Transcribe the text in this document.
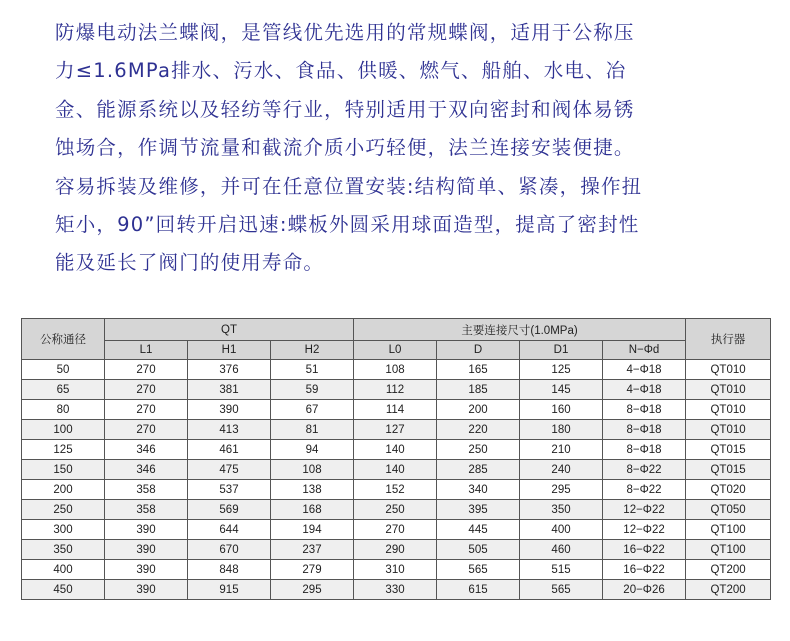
防爆电动法兰蝶阀，是管线优先选用的常规蝶阀，适用于公称压
力≤1.6MPa排水、污水、食品、供暖、燃气、船舶、水电、冶
金、能源系统以及轻纺等行业，特别适用于双向密封和阀体易锈
蚀场合，作调节流量和截流介质小巧轻便，法兰连接安装便捷。
容易拆装及维修，并可在任意位置安装:结构简单、紧凑，操作扭
矩小，90”回转开启迅速:蝶板外圆采用球面造型，提高了密封性
能及延长了阀门的使用寿命。
公称通径	QT			主要连接尺寸(1.0MPa)				执行器
	L1	H1	H2	L0	D	D1	N−Φd	
50	270	376	51	108	165	125	4−Φ18	QT010
65	270	381	59	112	185	145	4−Φ18	QT010
80	270	390	67	114	200	160	8−Φ18	QT010
100	270	413	81	127	220	180	8−Φ18	QT010
125	346	461	94	140	250	210	8−Φ18	QT015
150	346	475	108	140	285	240	8−Φ22	QT015
200	358	537	138	152	340	295	8−Φ22	QT020
250	358	569	168	250	395	350	12−Φ22	QT050
300	390	644	194	270	445	400	12−Φ22	QT100
350	390	670	237	290	505	460	16−Φ22	QT100
400	390	848	279	310	565	515	16−Φ22	QT200
450	390	915	295	330	615	565	20−Φ26	QT200
